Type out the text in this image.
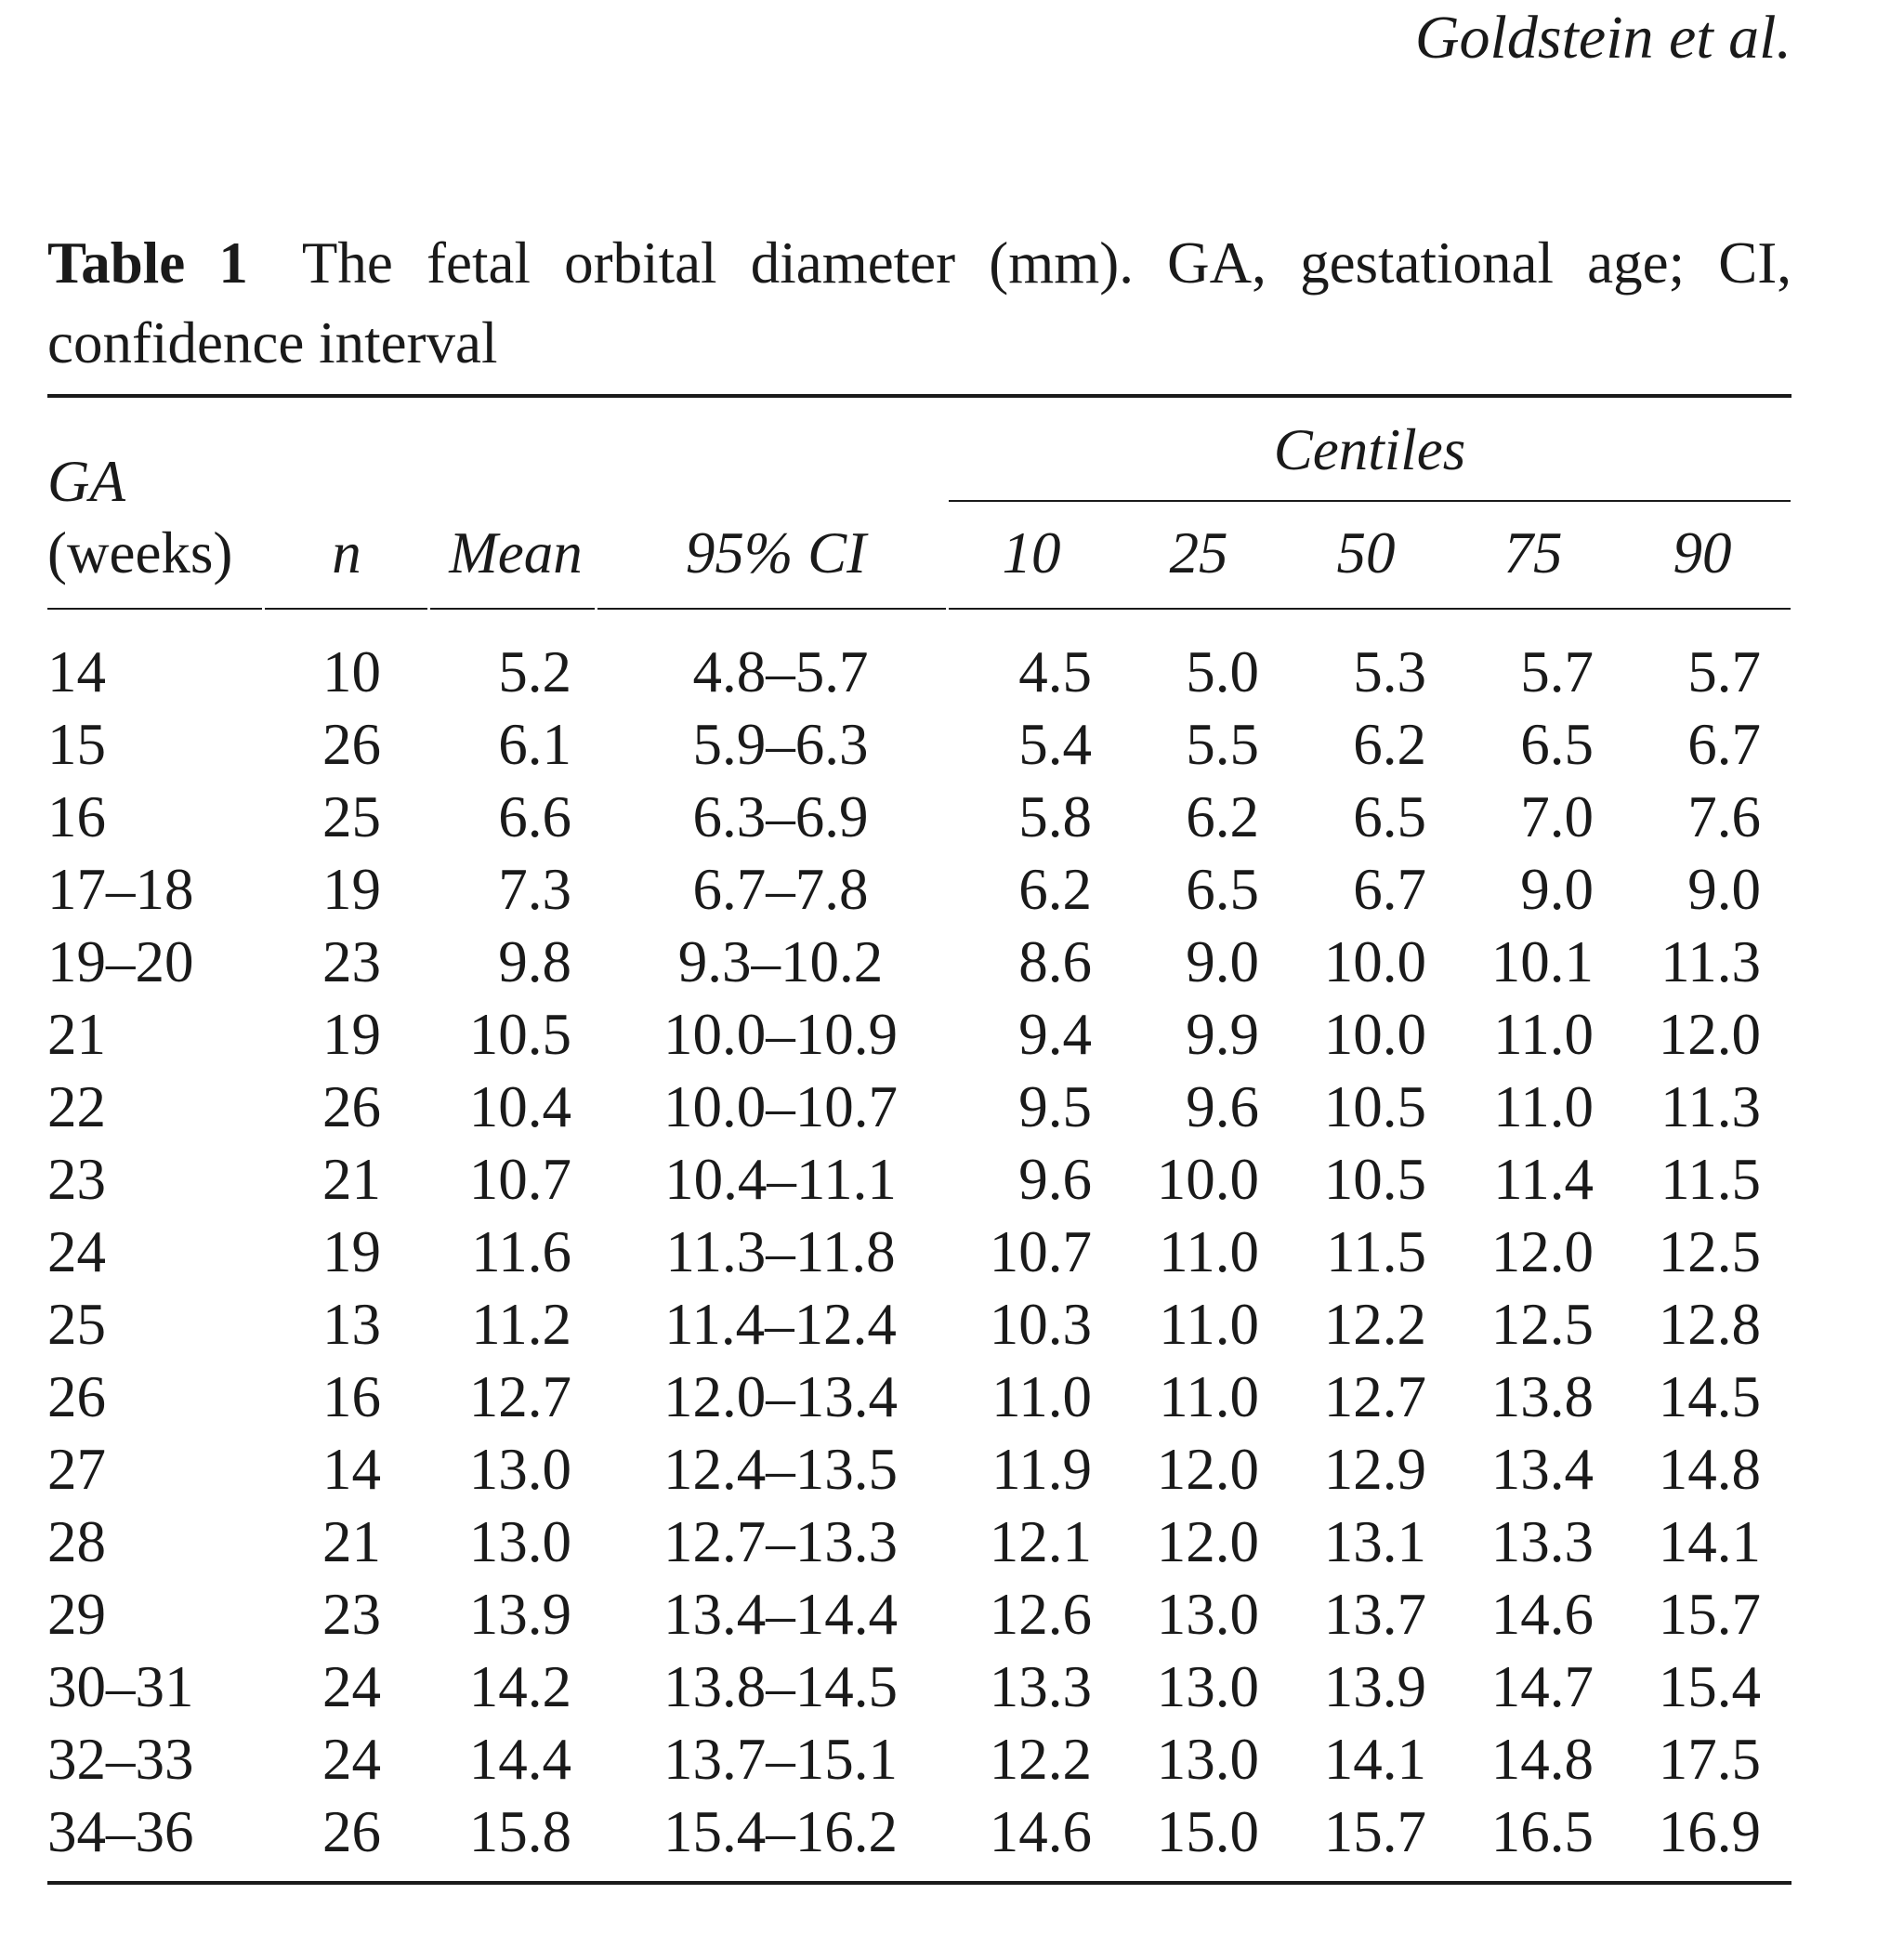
Goldstein et al.
Table 1 The fetal orbital diameter (mm). GA, gestational age; CI, confidence interval
Centiles
GA
(weeks)	n	Mean	95% CI	10 25 50 75 90
14	10	5.2	4.8–5.7	4.5	5.0	5.3	5.7	5.7
15	26	6.1	5.9–6.3	5.4	5.5	6.2	6.5	6.7
16	25	6.6	6.3–6.9	5.8	6.2	6.5	7.0	7.6
17–18	19	7.3	6.7–7.8	6.2	6.5	6.7	9.0	9.0
19–20	23	9.8	9.3–10.2	8.6	9.0	10.0	10.1	11.3
21	19	10.5	10.0–10.9	9.4	9.9	10.0	11.0	12.0
22	26	10.4	10.0–10.7	9.5	9.6	10.5	11.0	11.3
23	21	10.7	10.4–11.1	9.6	10.0	10.5	11.4	11.5
24	19	11.6	11.3–11.8	10.7	11.0	11.5	12.0	12.5
25	13	11.2	11.4–12.4	10.3	11.0	12.2	12.5	12.8
26	16	12.7	12.0–13.4	11.0	11.0	12.7	13.8	14.5
27	14	13.0	12.4–13.5	11.9	12.0	12.9	13.4	14.8
28	21	13.0	12.7–13.3	12.1	12.0	13.1	13.3	14.1
29	23	13.9	13.4–14.4	12.6	13.0	13.7	14.6	15.7
30–31	24	14.2	13.8–14.5	13.3	13.0	13.9	14.7	15.4
32–33	24	14.4	13.7–15.1	12.2	13.0	14.1	14.8	17.5
34–36	26	15.8	15.4–16.2	14.6	15.0	15.7	16.5	16.9
